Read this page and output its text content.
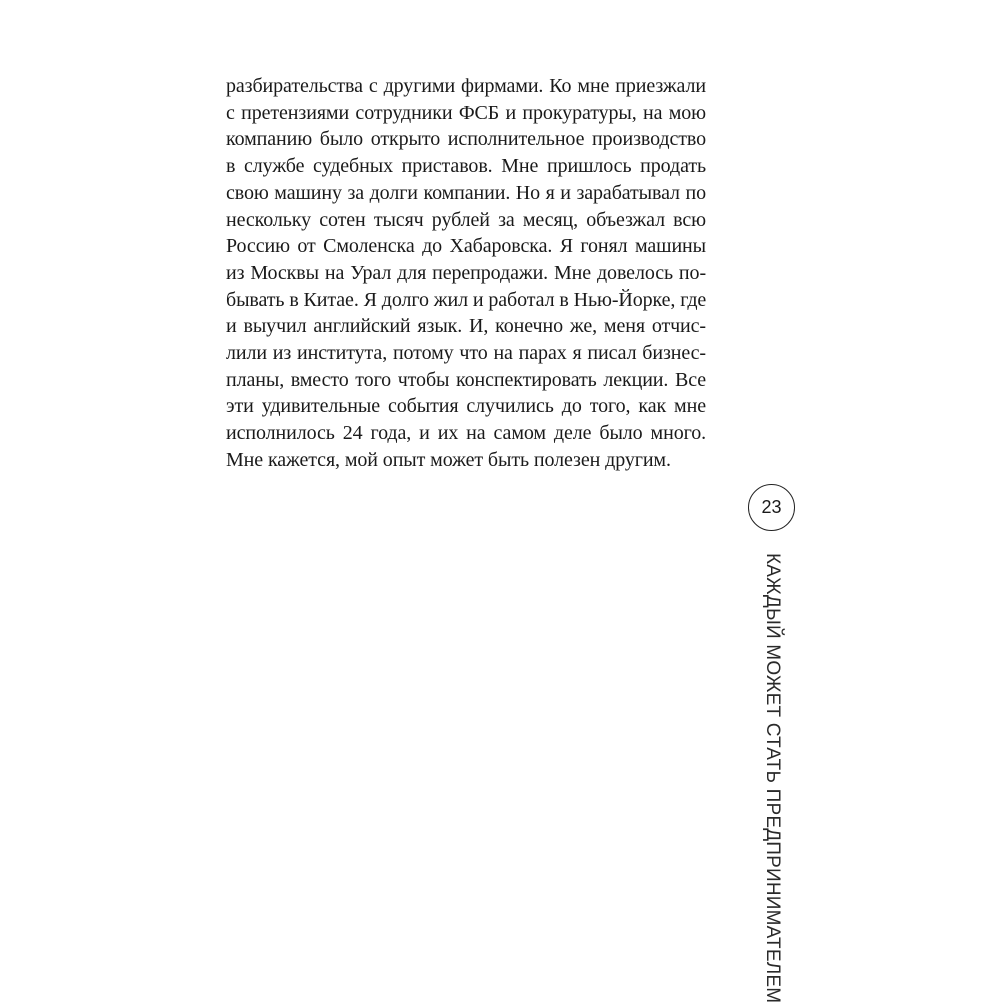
разбирательства с другими фирмами. Ко мне приезжали
с претензиями сотрудники ФСБ и прокуратуры, на мою
компанию было открыто исполнительное производство
в службе судебных приставов. Мне пришлось продать
свою машину за долги компании. Но я и зарабатывал по
нескольку сотен тысяч рублей за месяц, объезжал всю
Россию от Смоленска до Хабаровска. Я гонял машины
из Москвы на Урал для перепродажи. Мне довелось по-
бывать в Китае. Я долго жил и работал в Нью-Йорке, где
и выучил английский язык. И, конечно же, меня отчис-
лили из института, потому что на парах я писал бизнес-
планы, вместо того чтобы конспектировать лекции. Все
эти удивительные события случились до того, как мне
исполнилось 24 года, и их на самом деле было много.
Мне кажется, мой опыт может быть полезен другим.
23
КАЖДЫЙ МОЖЕТ СТАТЬ ПРЕДПРИНИМАТЕЛЕМ
